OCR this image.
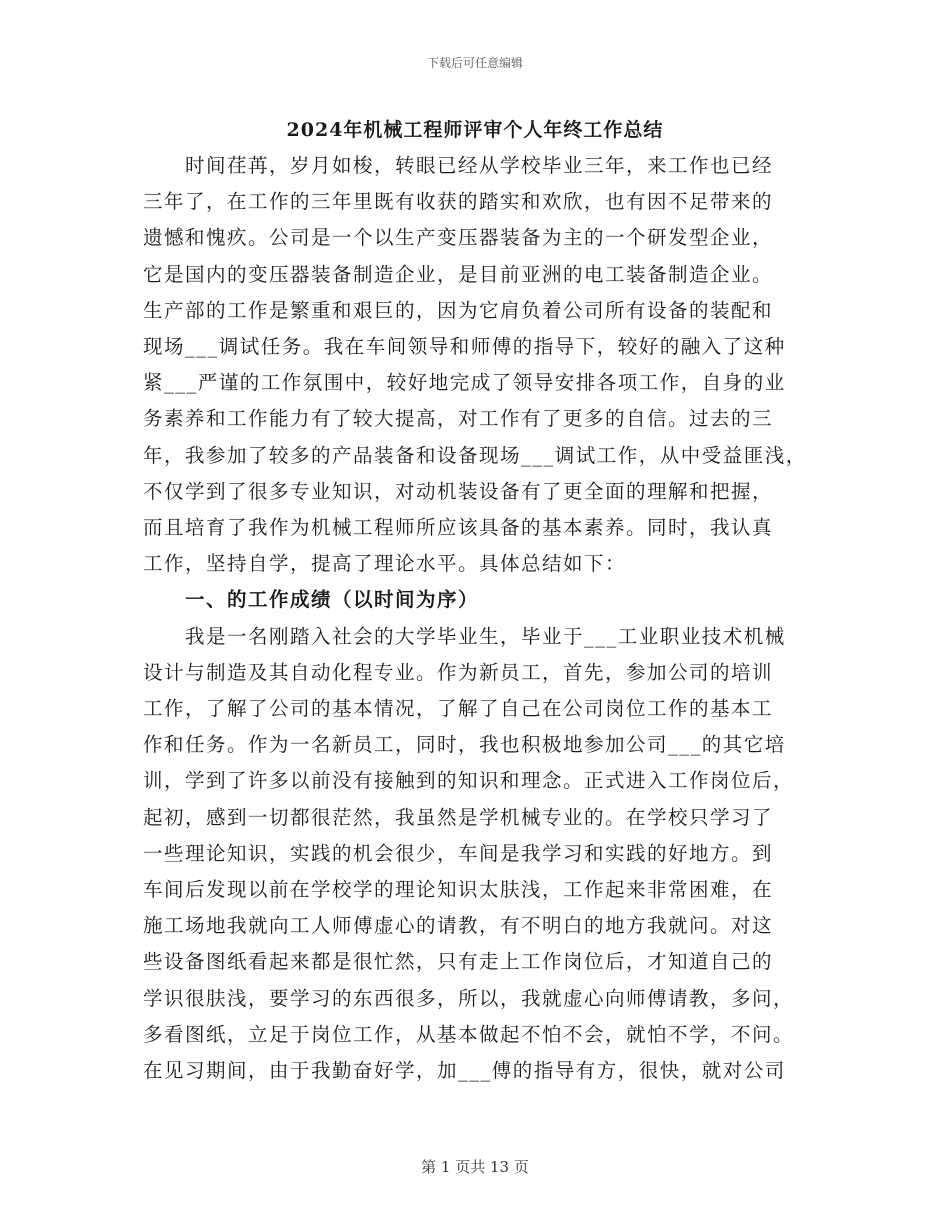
下载后可任意编辑
2024年机械工程师评审个人年终工作总结
时间荏苒，岁月如梭，转眼已经从学校毕业三年，来工作也已经
三年了，在工作的三年里既有收获的踏实和欢欣，也有因不足带来的
遗憾和愧疚。公司是一个以生产变压器装备为主的一个研发型企业，
它是国内的变压器装备制造企业，是目前亚洲的电工装备制造企业。
生产部的工作是繁重和艰巨的，因为它肩负着公司所有设备的装配和
现场___调试任务。我在车间领导和师傅的指导下，较好的融入了这种
紧___严谨的工作氛围中，较好地完成了领导安排各项工作，自身的业
务素养和工作能力有了较大提高，对工作有了更多的自信。过去的三
年，我参加了较多的产品装备和设备现场___调试工作，从中受益匪浅，
不仅学到了很多专业知识，对动机装设备有了更全面的理解和把握，
而且培育了我作为机械工程师所应该具备的基本素养。同时，我认真
工作，坚持自学，提高了理论水平。具体总结如下：
一、的工作成绩（以时间为序）
我是一名刚踏入社会的大学毕业生，毕业于___工业职业技术机械
设计与制造及其自动化程专业。作为新员工，首先，参加公司的培训
工作，了解了公司的基本情况，了解了自己在公司岗位工作的基本工
作和任务。作为一名新员工，同时，我也积极地参加公司___的其它培
训，学到了许多以前没有接触到的知识和理念。正式进入工作岗位后，
起初，感到一切都很茫然，我虽然是学机械专业的。在学校只学习了
一些理论知识，实践的机会很少，车间是我学习和实践的好地方。到
车间后发现以前在学校学的理论知识太肤浅，工作起来非常困难，在
施工场地我就向工人师傅虚心的请教，有不明白的地方我就问。对这
些设备图纸看起来都是很忙然，只有走上工作岗位后，才知道自己的
学识很肤浅，要学习的东西很多，所以，我就虚心向师傅请教，多问，
多看图纸，立足于岗位工作，从基本做起不怕不会，就怕不学，不问。
在见习期间，由于我勤奋好学，加___傅的指导有方，很快，就对公司
第 1 页共 13 页
